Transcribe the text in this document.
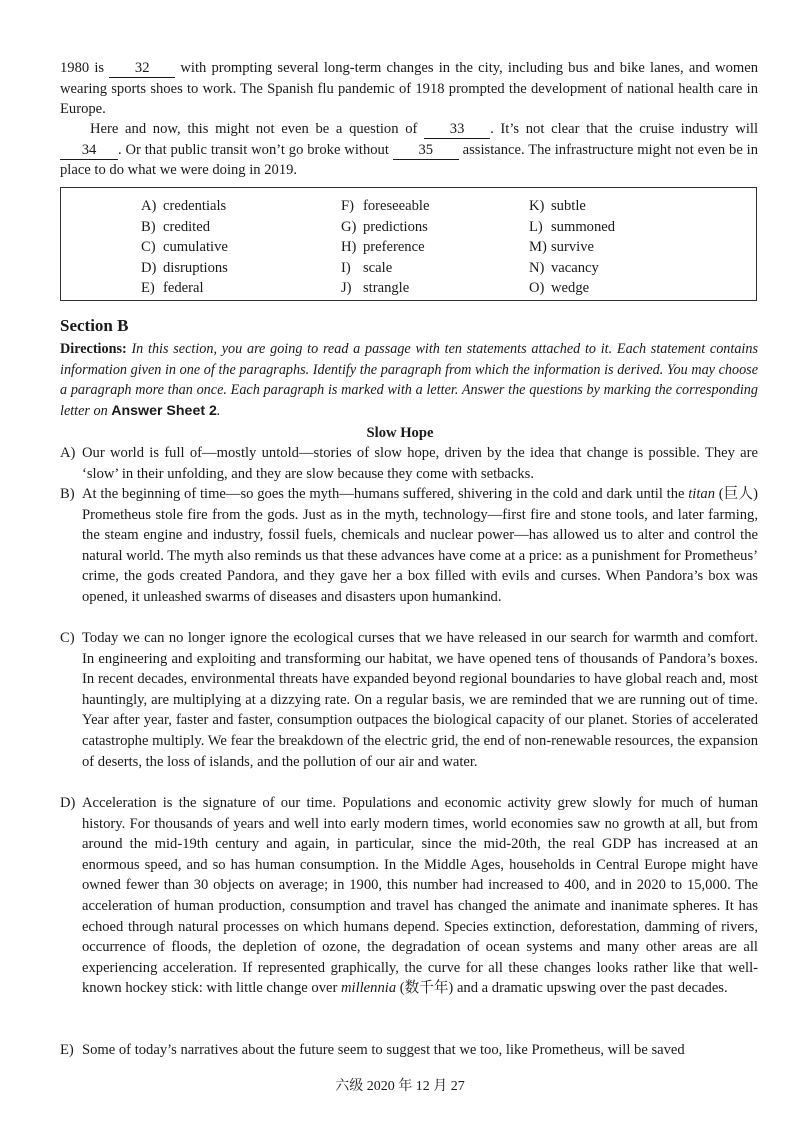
1980 is 32 with prompting several long-term changes in the city, including bus and bike lanes, and women wearing sports shoes to work. The Spanish flu pandemic of 1918 prompted the development of national health care in Europe.

Here and now, this might not even be a question of 33 . It’s not clear that the cruise industry will 34 . Or that public transit won’t go broke without 35 assistance. The infrastructure might not even be in place to do what we were doing in 2019.

A) credentials
B) credited
C) cumulative
D) disruptions
E) federal
F) foreseeable
G) predictions
H) preference
I) scale
J) strangle
K) subtle
L) summoned
M) survive
N) vacancy
O) wedge
Section B

Directions: In this section, you are going to read a passage with ten statements attached to it. Each statement contains information given in one of the paragraphs. Identify the paragraph from which the information is derived. You may choose a paragraph more than once. Each paragraph is marked with a letter. Answer the questions by marking the corresponding letter on Answer Sheet 2.

Slow Hope

A) Our world is full of—mostly untold—stories of slow hope, driven by the idea that change is possible. They are ‘slow’ in their unfolding, and they are slow because they come with setbacks.

B) At the beginning of time—so goes the myth—humans suffered, shivering in the cold and dark until the titan (巨人) Prometheus stole fire from the gods. Just as in the myth, technology—first fire and stone tools, and later farming, the steam engine and industry, fossil fuels, chemicals and nuclear power—has allowed us to alter and control the natural world. The myth also reminds us that these advances have come at a price: as a punishment for Prometheus’ crime, the gods created Pandora, and they gave her a box filled with evils and curses. When Pandora’s box was opened, it unleashed swarms of diseases and disasters upon humankind.

C) Today we can no longer ignore the ecological curses that we have released in our search for warmth and comfort. In engineering and exploiting and transforming our habitat, we have opened tens of thousands of Pandora’s boxes. In recent decades, environmental threats have expanded beyond regional boundaries to have global reach and, most hauntingly, are multiplying at a dizzying rate. On a regular basis, we are reminded that we are running out of time. Year after year, faster and faster, consumption outpaces the biological capacity of our planet. Stories of accelerated catastrophe multiply. We fear the breakdown of the electric grid, the end of non-renewable resources, the expansion of deserts, the loss of islands, and the pollution of our air and water.

D) Acceleration is the signature of our time. Populations and economic activity grew slowly for much of human history. For thousands of years and well into early modern times, world economies saw no growth at all, but from around the mid-19th century and again, in particular, since the mid-20th, the real GDP has increased at an enormous speed, and so has human consumption. In the Middle Ages, households in Central Europe might have owned fewer than 30 objects on average; in 1900, this number had increased to 400, and in 2020 to 15,000. The acceleration of human production, consumption and travel has changed the animate and inanimate spheres. It has echoed through natural processes on which humans depend. Species extinction, deforestation, damming of rivers, occurrence of floods, the depletion of ozone, the degradation of ocean systems and many other areas are all experiencing acceleration. If represented graphically, the curve for all these changes looks rather like that well-known hockey stick: with little change over millennia (数千年) and a dramatic upswing over the past decades.

E) Some of today’s narratives about the future seem to suggest that we too, like Prometheus, will be saved

六级 2020 年 12 月 27
